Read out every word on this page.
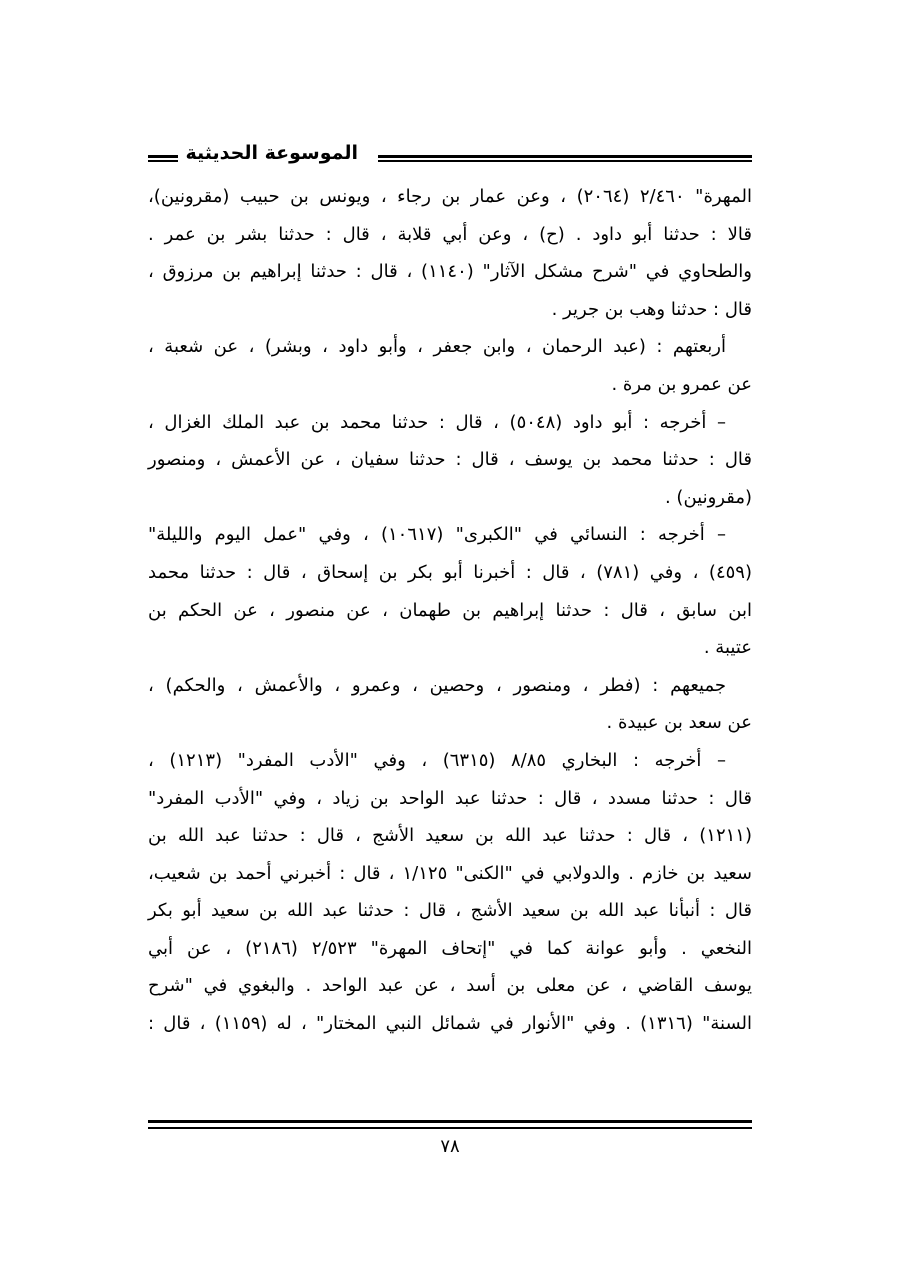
الموسوعة الحديثية
المهرة" ٢/٤٦٠ (٢٠٦٤) ، وعن عمار بن رجاء ، ويونس بن حبيب (مقرونين)،
قالا : حدثنا أبو داود . (ح) ، وعن أبي قلابة ، قال : حدثنا بشر بن عمر .
والطحاوي في "شرح مشكل الآثار" (١١٤٠) ، قال : حدثنا إبراهيم بن مرزوق ،
قال : حدثنا وهب بن جرير .
أربعتهم : (عبد الرحمان ، وابن جعفر ، وأبو داود ، وبشر) ، عن شعبة ،
عن عمرو بن مرة .
– أخرجه : أبو داود (٥٠٤٨) ، قال : حدثنا محمد بن عبد الملك الغزال ،
قال : حدثنا محمد بن يوسف ، قال : حدثنا سفيان ، عن الأعمش ، ومنصور
(مقرونين) .
– أخرجه : النسائي في "الكبرى" (١٠٦١٧) ، وفي "عمل اليوم والليلة"
(٤٥٩) ، وفي (٧٨١) ، قال : أخبرنا أبو بكر بن إسحاق ، قال : حدثنا محمد
ابن سابق ، قال : حدثنا إبراهيم بن طهمان ، عن منصور ، عن الحكم بن
عتيبة .
جميعهم : (فطر ، ومنصور ، وحصين ، وعمرو ، والأعمش ، والحكم) ،
عن سعد بن عبيدة .
– أخرجه : البخاري ٨/٨٥ (٦٣١٥) ، وفي "الأدب المفرد" (١٢١٣) ،
قال : حدثنا مسدد ، قال : حدثنا عبد الواحد بن زياد ، وفي "الأدب المفرد"
(١٢١١) ، قال : حدثنا عبد الله بن سعيد الأشج ، قال : حدثنا عبد الله بن
سعيد بن خازم . والدولابي في "الكنى" ١/١٢٥ ، قال : أخبرني أحمد بن شعيب،
قال : أنبأنا عبد الله بن سعيد الأشج ، قال : حدثنا عبد الله بن سعيد أبو بكر
النخعي . وأبو عوانة كما في "إتحاف المهرة" ٢/٥٢٣ (٢١٨٦) ، عن أبي
يوسف القاضي ، عن معلى بن أسد ، عن عبد الواحد . والبغوي في "شرح
السنة" (١٣١٦) . وفي "الأنوار في شمائل النبي المختار" ، له (١١٥٩) ، قال :
٧٨
